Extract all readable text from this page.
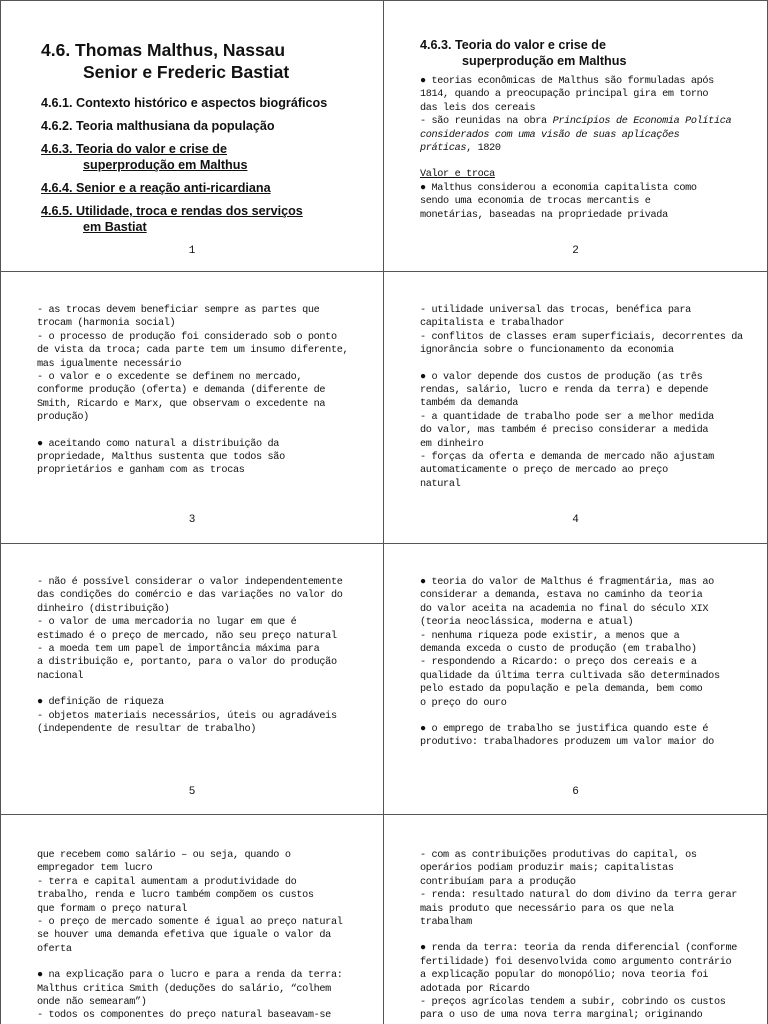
4.6. Thomas Malthus, Nassau
Senior e Frederic Bastiat
4.6.1. Contexto histórico e aspectos biográficos
4.6.2. Teoria malthusiana da população
4.6.3. Teoria do valor e crise de
superprodução em Malthus
4.6.4. Senior e a reação anti-ricardiana
4.6.5. Utilidade, troca e rendas dos serviços
em Bastiat
1
4.6.3. Teoria do valor e crise de
superprodução em Malthus

● teorias econômicas de Malthus são formuladas após

1814, quando a preocupação principal gira em torno

das leis dos cereais

- são reunidas na obra Princípios de Economia Política

considerados com uma visão de suas aplicações

práticas, 1820

Valor e troca

● Malthus considerou a economia capitalista como

sendo uma economia de trocas mercantis e

monetárias, baseadas na propriedade privada

2

- as trocas devem beneficiar sempre as partes que

trocam (harmonia social)

- o processo de produção foi considerado sob o ponto

de vista da troca; cada parte tem um insumo diferente,

mas igualmente necessário

- o valor e o excedente se definem no mercado,

conforme produção (oferta) e demanda (diferente de

Smith, Ricardo e Marx, que observam o excedente na

produção)

● aceitando como natural a distribuição da

propriedade, Malthus sustenta que todos são

proprietários e ganham com as trocas

3

- utilidade universal das trocas, benéfica para

capitalista e trabalhador

- conflitos de classes eram superficiais, decorrentes da

ignorância sobre o funcionamento da economia

● o valor depende dos custos de produção (as três

rendas, salário, lucro e renda da terra) e depende

também da demanda

- a quantidade de trabalho pode ser a melhor medida

do valor, mas também é preciso considerar a medida

em dinheiro

- forças da oferta e demanda de mercado não ajustam

automaticamente o preço de mercado ao preço

natural

4

- não é possível considerar o valor independentemente

das condições do comércio e das variações no valor do

dinheiro (distribuição)

- o valor de uma mercadoria no lugar em que é

estimado é o preço de mercado, não seu preço natural

- a moeda tem um papel de importância máxima para

a distribuição e, portanto, para o valor do produção

nacional

● definição de riqueza

- objetos materiais necessários, úteis ou agradáveis

(independente de resultar de trabalho)

5

● teoria do valor de Malthus é fragmentária, mas ao

considerar a demanda, estava no caminho da teoria

do valor aceita na academia no final do século XIX

(teoria neoclássica, moderna e atual)

- nenhuma riqueza pode existir, a menos que a

demanda exceda o custo de produção (em trabalho)

- respondendo a Ricardo: o preço dos cereais e a

qualidade da última terra cultivada são determinados

pelo estado da população e pela demanda, bem como

o preço do ouro

● o emprego de trabalho se justifica quando este é

produtivo: trabalhadores produzem um valor maior do

6

que recebem como salário – ou seja, quando o

empregador tem lucro

- terra e capital aumentam a produtividade do

trabalho, renda e lucro também compõem os custos

que formam o preço natural

- o preço de mercado somente é igual ao preço natural

se houver uma demanda efetiva que iguale o valor da

oferta

● na explicação para o lucro e para a renda da terra:

Malthus critica Smith (deduções do salário, “colhem

onde não semearam”)

- todos os componentes do preço natural baseavam-se

- com as contribuições produtivas do capital, os

operários podiam produzir mais; capitalistas

contribuíam para a produção

- renda: resultado natural do dom divino da terra gerar

mais produto que necessário para os que nela

trabalham

● renda da terra: teoria da renda diferencial (conforme

fertilidade) foi desenvolvida como argumento contrário

a explicação popular do monopólio; nova teoria foi

adotada por Ricardo

- preços agrícolas tendem a subir, cobrindo os custos

para o uso de uma nova terra marginal; originando
